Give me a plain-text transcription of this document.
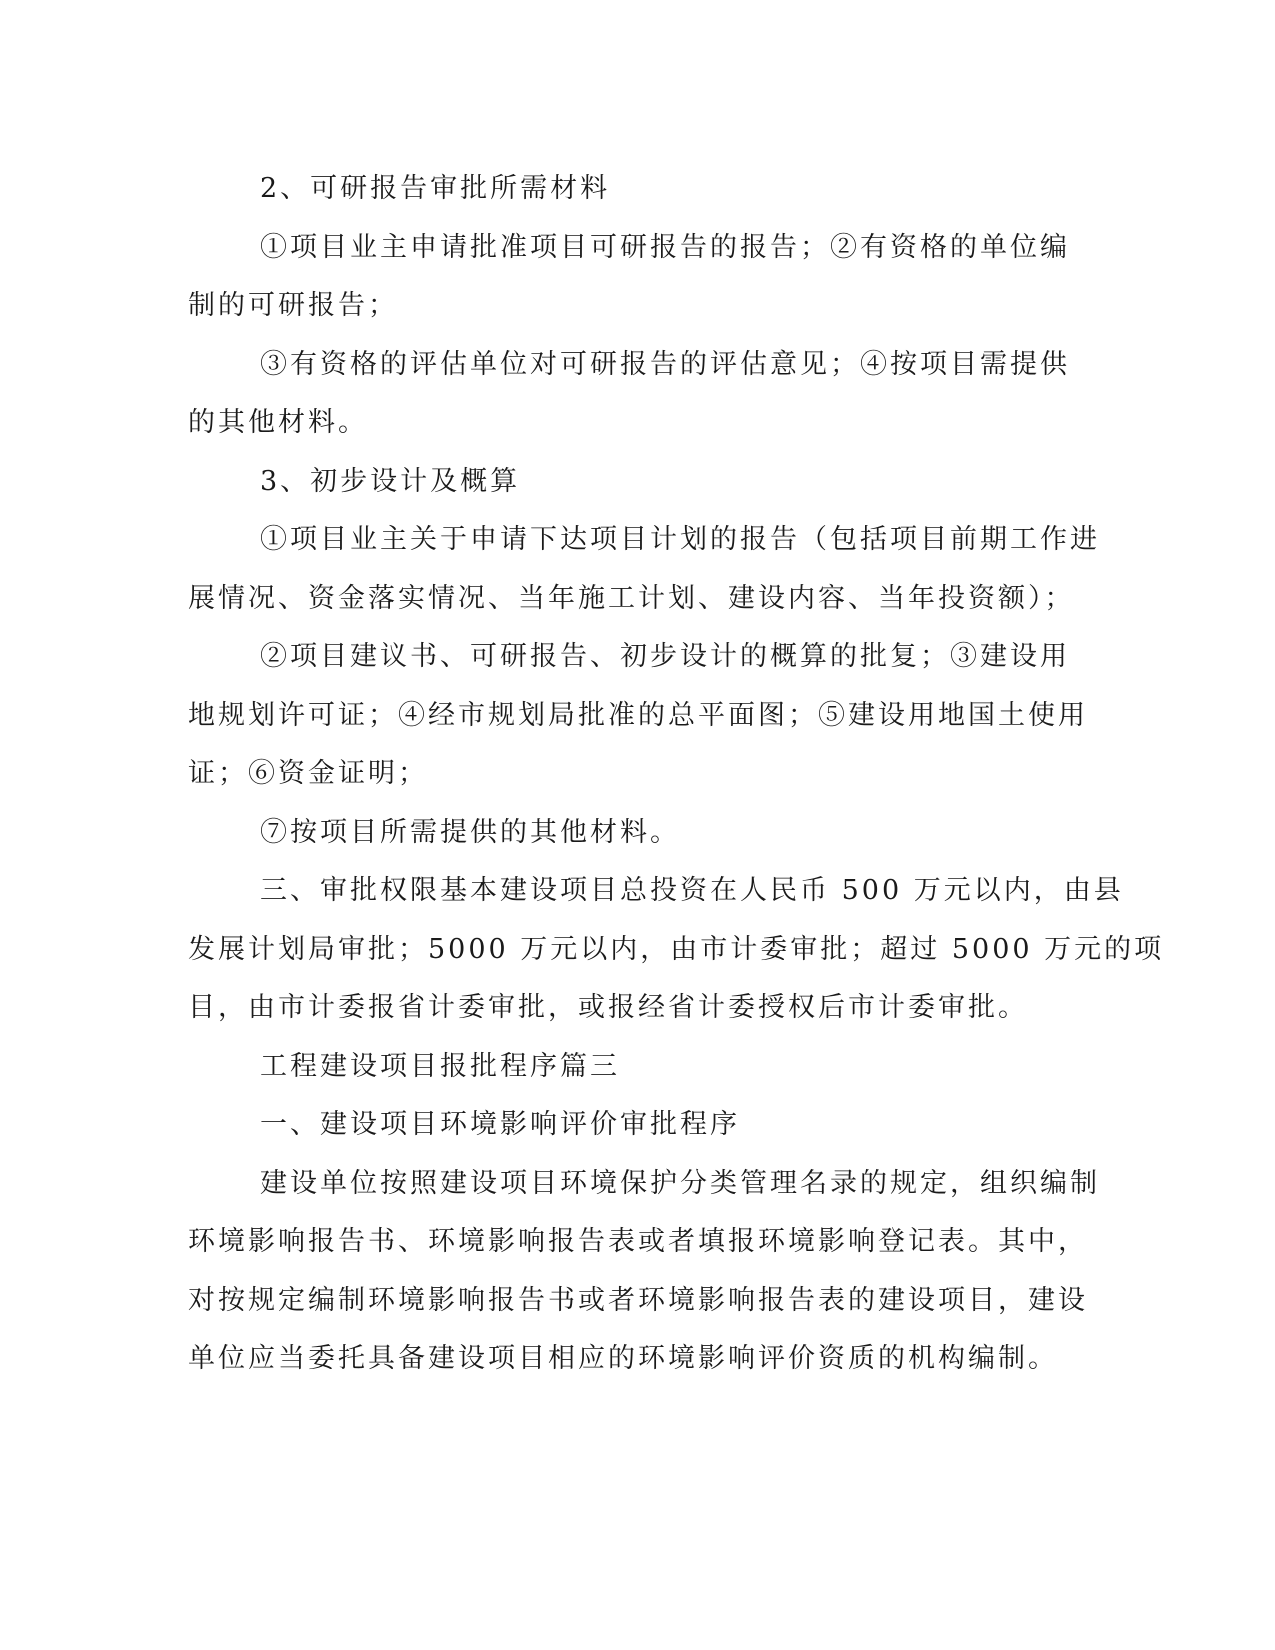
2、可研报告审批所需材料
①项目业主申请批准项目可研报告的报告；②有资格的单位编
制的可研报告；
③有资格的评估单位对可研报告的评估意见；④按项目需提供
的其他材料。
3、初步设计及概算
①项目业主关于申请下达项目计划的报告（包括项目前期工作进
展情况、资金落实情况、当年施工计划、建设内容、当年投资额）；
②项目建议书、可研报告、初步设计的概算的批复；③建设用
地规划许可证；④经市规划局批准的总平面图；⑤建设用地国土使用
证；⑥资金证明；
⑦按项目所需提供的其他材料。
三、审批权限基本建设项目总投资在人民币 500 万元以内，由县
发展计划局审批；5000 万元以内，由市计委审批；超过 5000 万元的项
目，由市计委报省计委审批，或报经省计委授权后市计委审批。
工程建设项目报批程序篇三
一、建设项目环境影响评价审批程序
建设单位按照建设项目环境保护分类管理名录的规定，组织编制
环境影响报告书、环境影响报告表或者填报环境影响登记表。其中，
对按规定编制环境影响报告书或者环境影响报告表的建设项目，建设
单位应当委托具备建设项目相应的环境影响评价资质的机构编制。
